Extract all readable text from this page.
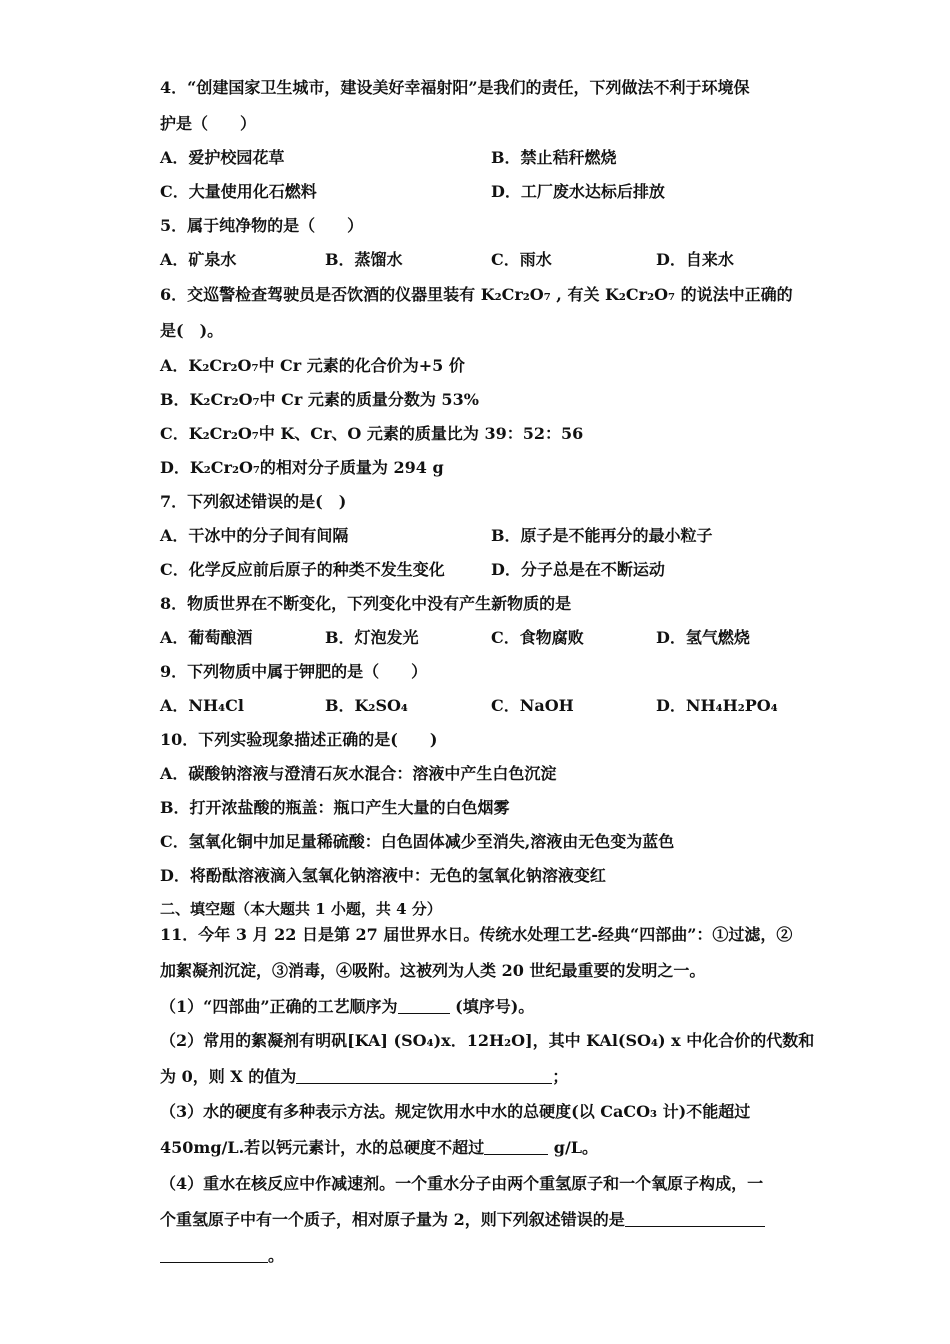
4．“创建国家卫生城市，建设美好幸福射阳”是我们的责任，下列做法不利于环境保
护是（　　）
A．爱护校园花草	B．禁止秸秆燃烧
C．大量使用化石燃料	D．工厂废水达标后排放
5．属于纯净物的是（　　）
A．矿泉水	B．蒸馏水	C．雨水	D．自来水
6．交巡警检查驾驶员是否饮酒的仪器里装有 K₂Cr₂O₇ , 有关 K₂Cr₂O₇ 的说法中正确的
是(　)。
A．K₂Cr₂O₇中 Cr 元素的化合价为+5 价
B．K₂Cr₂O₇中 Cr 元素的质量分数为 53%
C．K₂Cr₂O₇中 K、Cr、O 元素的质量比为 39：52：56
D．K₂Cr₂O₇的相对分子质量为 294 g
7．下列叙述错误的是(　)
A．干冰中的分子间有间隔	B．原子是不能再分的最小粒子
C．化学反应前后原子的种类不发生变化	D．分子总是在不断运动
8．物质世界在不断变化，下列变化中没有产生新物质的是
A．葡萄酿酒	B．灯泡发光	C．食物腐败	D．氢气燃烧
9．下列物质中属于钾肥的是（　　）
A．NH₄Cl	B．K₂SO₄	C．NaOH	D．NH₄H₂PO₄
10．下列实验现象描述正确的是(　　)
A．碳酸钠溶液与澄清石灰水混合：溶液中产生白色沉淀
B．打开浓盐酸的瓶盖：瓶口产生大量的白色烟雾
C．氢氧化铜中加足量稀硫酸：白色固体减少至消失,溶液由无色变为蓝色
D．将酚酞溶液滴入氢氧化钠溶液中：无色的氢氧化钠溶液变红
二、填空题（本大题共 1 小题，共 4 分）
11．今年 3 月 22 日是第 27 届世界水日。传统水处理工艺-经典“四部曲”：①过滤，②
加絮凝剂沉淀，③消毒，④吸附。这被列为人类 20 世纪最重要的发明之一。
（1）“四部曲”正确的工艺顺序为	(填序号)。
（2）常用的絮凝剂有明矾[KA] (SO₄)x．12H₂O]，其中 KAl(SO₄) x 中化合价的代数和
为 0，则 X 的值为	；
（3）水的硬度有多种表示方法。规定饮用水中水的总硬度(以 CaCO₃ 计)不能超过
450mg/L.若以钙元素计，水的总硬度不超过	g/L。
（4）重水在核反应中作减速剂。一个重水分子由两个重氢原子和一个氧原子构成，一
个重氢原子中有一个质子，相对原子量为 2，则下列叙述错误的是
。
